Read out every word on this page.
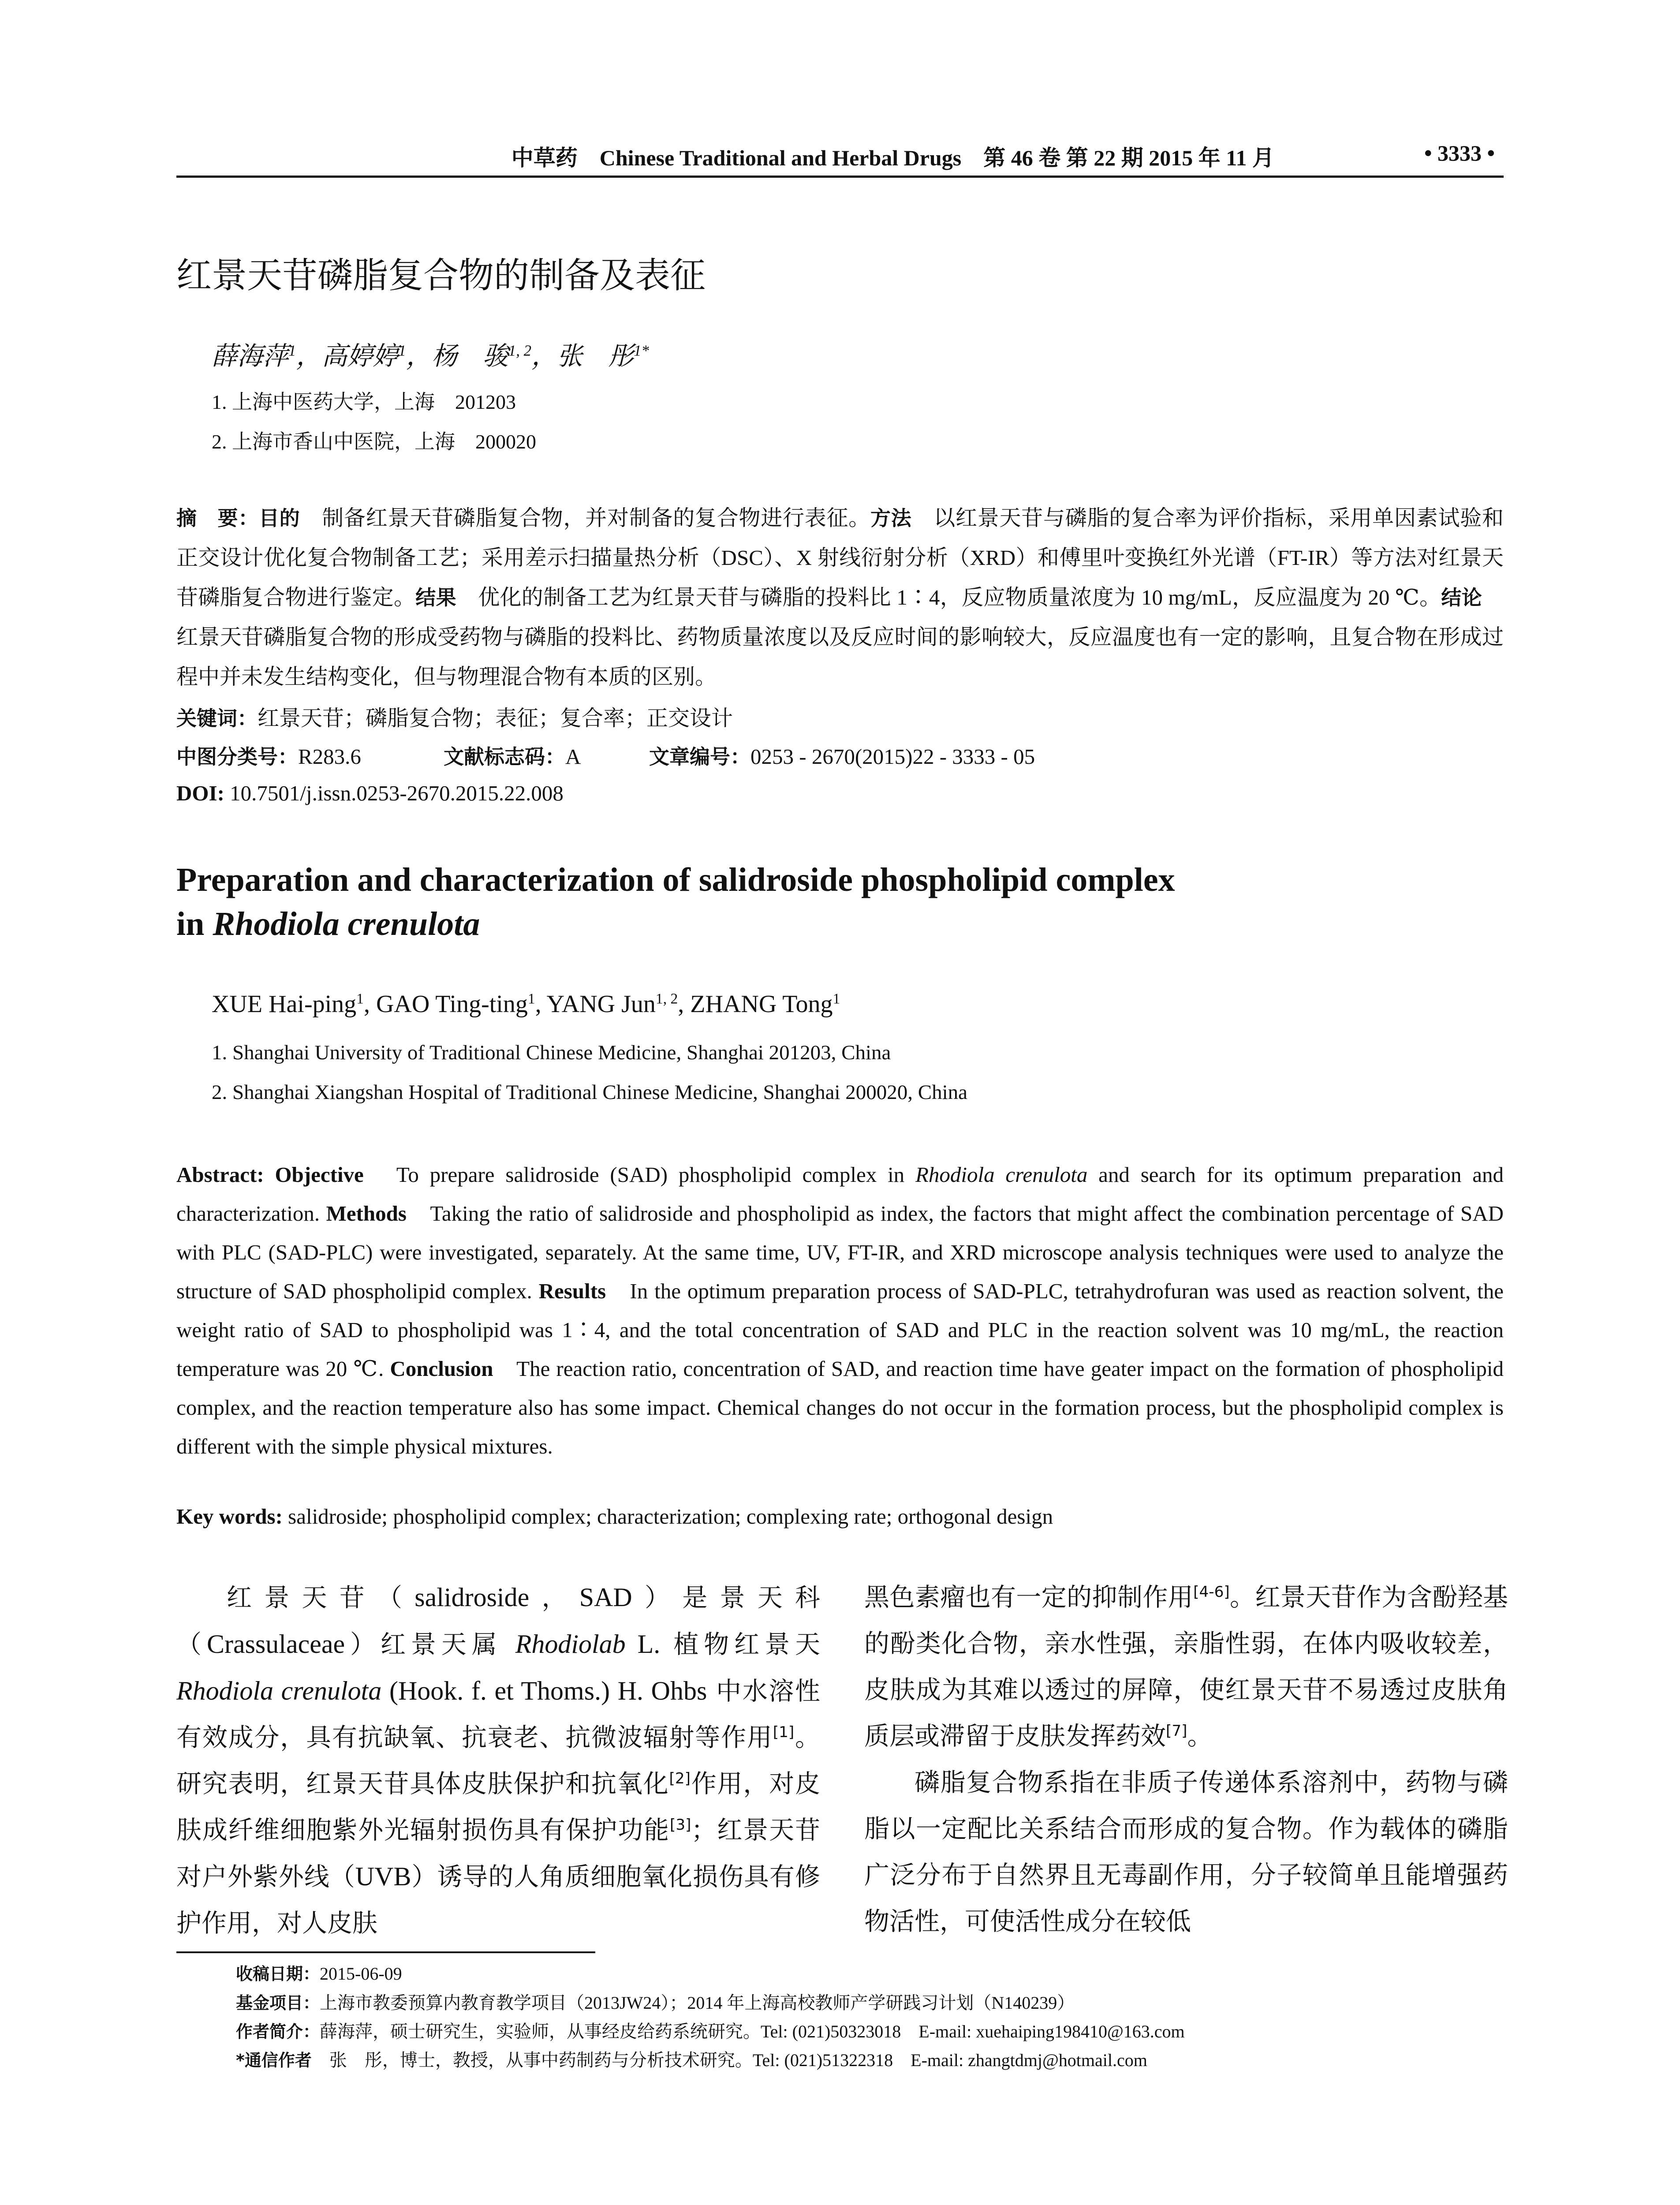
中草药　Chinese Traditional and Herbal Drugs　第 46 卷 第 22 期 2015 年 11 月	• 3333 •
红景天苷磷脂复合物的制备及表征
薛海萍$^1$，高婷婷$^1$，杨　骏$^{1, 2}$，张　彤$^{1*}$
1. 上海中医药大学，上海　201203
2. 上海市香山中医院，上海　200020
摘　要：目的　制备红景天苷磷脂复合物，并对制备的复合物进行表征。方法　以红景天苷与磷脂的复合率为评价指标，采用单因素试验和正交设计优化复合物制备工艺；采用差示扫描量热分析（DSC）、X 射线衍射分析（XRD）和傅里叶变换红外光谱（FT-IR）等方法对红景天苷磷脂复合物进行鉴定。结果　优化的制备工艺为红景天苷与磷脂的投料比 1∶4，反应物质量浓度为 10 mg/mL，反应温度为 20 ℃。结论　红景天苷磷脂复合物的形成受药物与磷脂的投料比、药物质量浓度以及反应时间的影响较大，反应温度也有一定的影响，且复合物在形成过程中并未发生结构变化，但与物理混合物有本质的区别。
关键词：红景天苷；磷脂复合物；表征；复合率；正交设计
中图分类号：R283.6	文献标志码：A	文章编号：0253 - 2670(2015)22 - 3333 - 05
DOI: 10.7501/j.issn.0253-2670.2015.22.008
Preparation and characterization of salidroside phospholipid complex
in Rhodiola crenulota
XUE Hai-ping$^1$, GAO Ting-ting$^1$, YANG Jun$^{1, 2}$, ZHANG Tong$^1$
1. Shanghai University of Traditional Chinese Medicine, Shanghai 201203, China
2. Shanghai Xiangshan Hospital of Traditional Chinese Medicine, Shanghai 200020, China
Abstract: Objective　To prepare salidroside (SAD) phospholipid complex in Rhodiola crenulota and search for its optimum preparation and characterization. Methods　Taking the ratio of salidroside and phospholipid as index, the factors that might affect the combination percentage of SAD with PLC (SAD-PLC) were investigated, separately. At the same time, UV, FT-IR, and XRD microscope analysis techniques were used to analyze the structure of SAD phospholipid complex. Results　In the optimum preparation process of SAD-PLC, tetrahydrofuran was used as reaction solvent, the weight ratio of SAD to phospholipid was 1∶4, and the total concentration of SAD and PLC in the reaction solvent was 10 mg/mL, the reaction temperature was 20 ℃. Conclusion　The reaction ratio, concentration of SAD, and reaction time have geater impact on the formation of phospholipid complex, and the reaction temperature also has some impact. Chemical changes do not occur in the formation process, but the phospholipid complex is different with the simple physical mixtures.
Key words: salidroside; phospholipid complex; characterization; complexing rate; orthogonal design

红景天苷（salidroside，SAD）是景天科（Crassulaceae）红景天属 Rhodiolab L. 植物红景天 Rhodiola crenulota (Hook. f. et Thoms.) H. Ohbs 中水溶性有效成分，具有抗缺氧、抗衰老、抗微波辐射等作用[1]。研究表明，红景天苷具体皮肤保护和抗氧化[2]作用，对皮肤成纤维细胞紫外光辐射损伤具有保护功能[3]；红景天苷对户外紫外线（UVB）诱导的人角质细胞氧化损伤具有修护作用，对人皮肤

黑色素瘤也有一定的抑制作用[4-6]。红景天苷作为含酚羟基的酚类化合物，亲水性强，亲脂性弱，在体内吸收较差，皮肤成为其难以透过的屏障，使红景天苷不易透过皮肤角质层或滞留于皮肤发挥药效[7]。

磷脂复合物系指在非质子传递体系溶剂中，药物与磷脂以一定配比关系结合而形成的复合物。作为载体的磷脂广泛分布于自然界且无毒副作用，分子较简单且能增强药物活性，可使活性成分在较低

收稿日期：2015-06-09
基金项目：上海市教委预算内教育教学项目（2013JW24）；2014 年上海高校教师产学研践习计划（N140239）
作者简介：薛海萍，硕士研究生，实验师，从事经皮给药系统研究。Tel: (021)50323018　E-mail: xuehaiping198410@163.com
*通信作者　张　彤，博士，教授，从事中药制药与分析技术研究。Tel: (021)51322318　E-mail: zhangtdmj@hotmail.com
